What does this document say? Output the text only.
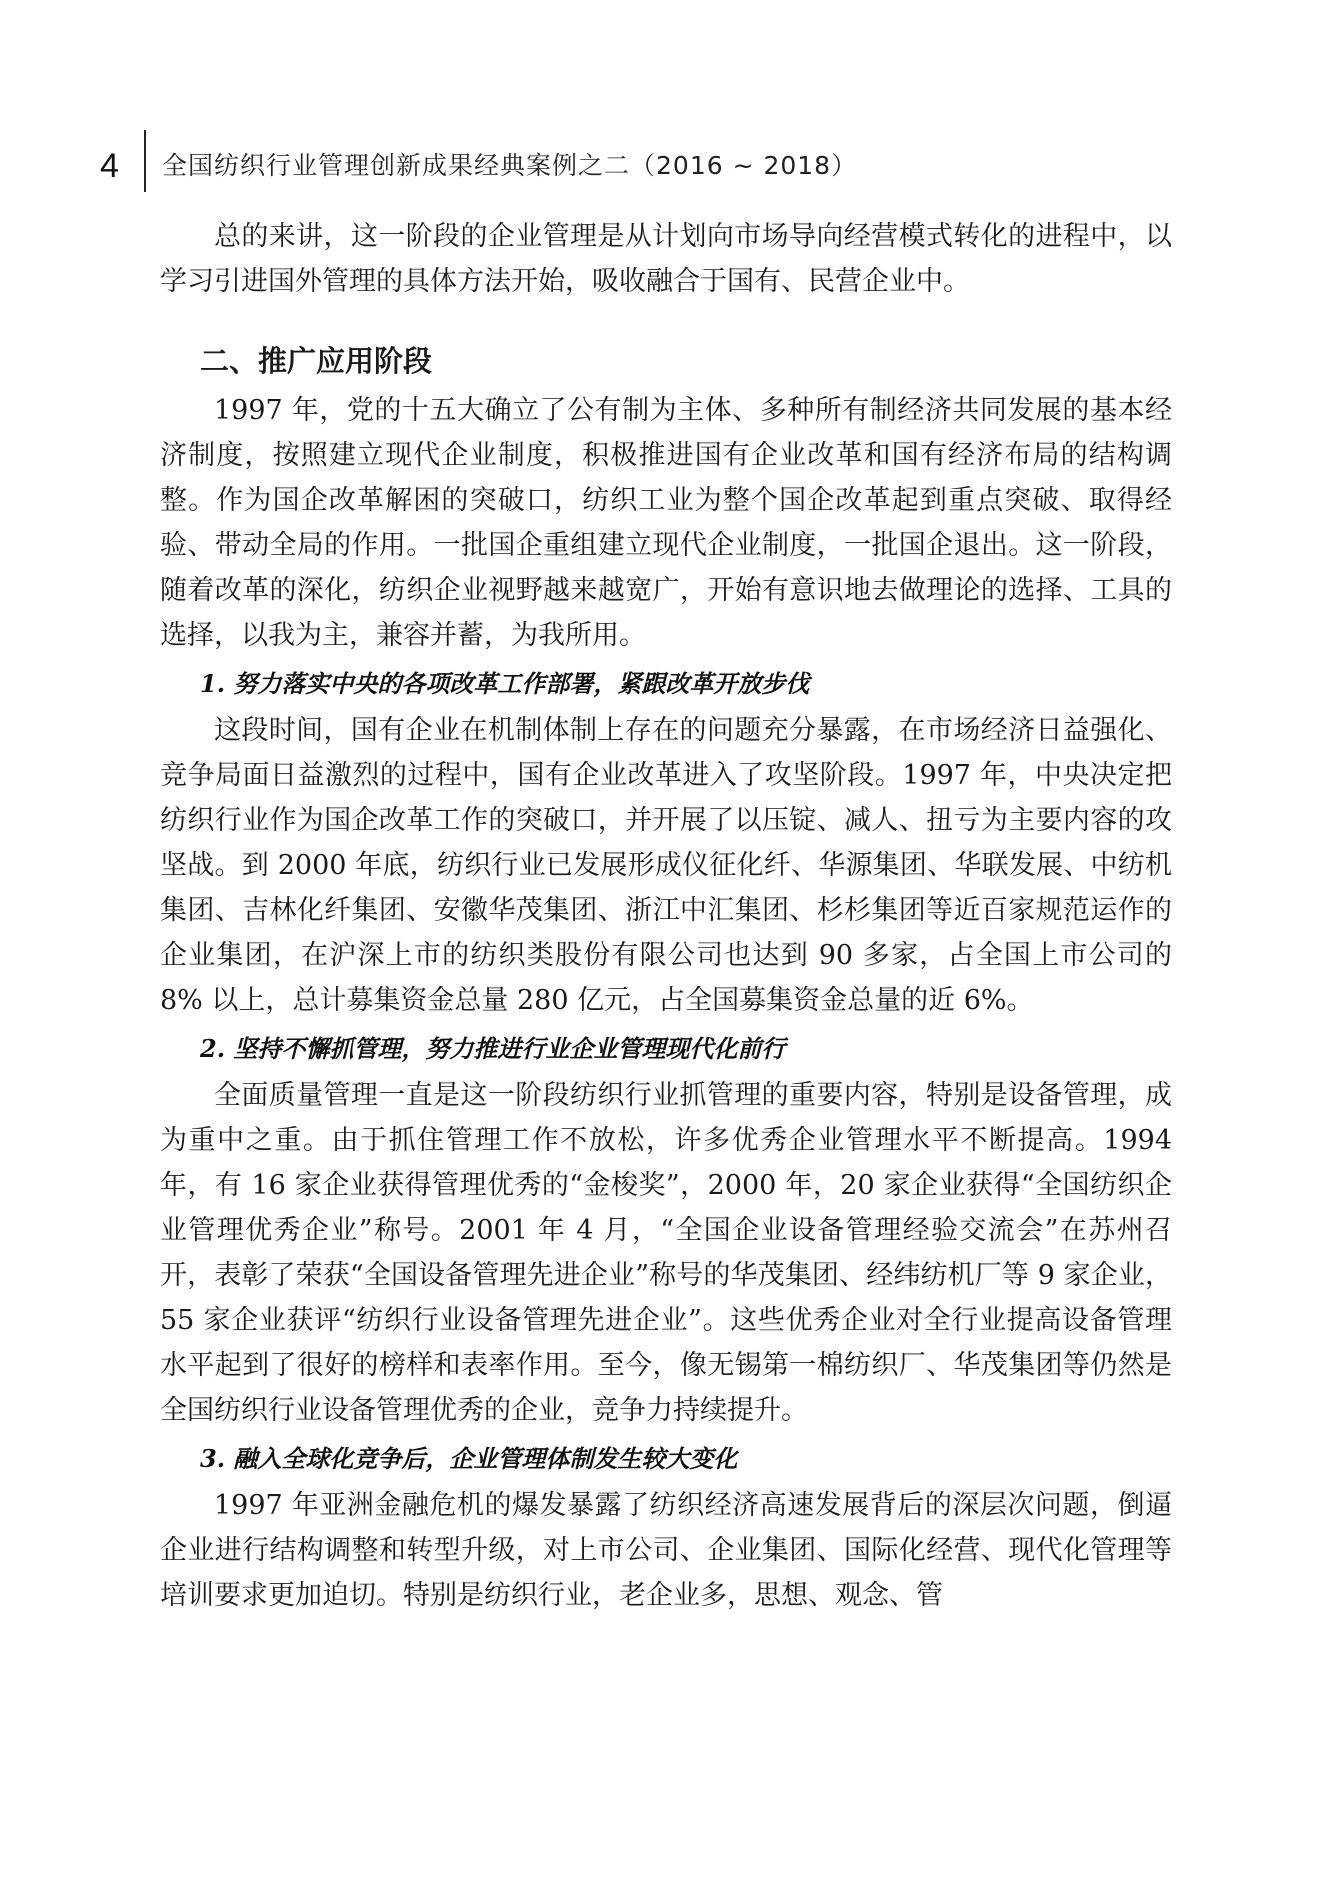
4 全国纺织行业管理创新成果经典案例之二（2016 ~ 2018）

总的来讲，这一阶段的企业管理是从计划向市场导向经营模式转化的进程中，以学习引进国外管理的具体方法开始，吸收融合于国有、民营企业中。

二、推广应用阶段

1997 年，党的十五大确立了公有制为主体、多种所有制经济共同发展的基本经济制度，按照建立现代企业制度，积极推进国有企业改革和国有经济布局的结构调整。作为国企改革解困的突破口，纺织工业为整个国企改革起到重点突破、取得经验、带动全局的作用。一批国企重组建立现代企业制度，一批国企退出。这一阶段，随着改革的深化，纺织企业视野越来越宽广，开始有意识地去做理论的选择、工具的选择，以我为主，兼容并蓄，为我所用。

1. 努力落实中央的各项改革工作部署，紧跟改革开放步伐

这段时间，国有企业在机制体制上存在的问题充分暴露，在市场经济日益强化、竞争局面日益激烈的过程中，国有企业改革进入了攻坚阶段。1997 年，中央决定把纺织行业作为国企改革工作的突破口，并开展了以压锭、减人、扭亏为主要内容的攻坚战。到 2000 年底，纺织行业已发展形成仪征化纤、华源集团、华联发展、中纺机集团、吉林化纤集团、安徽华茂集团、浙江中汇集团、杉杉集团等近百家规范运作的企业集团，在沪深上市的纺织类股份有限公司也达到 90 多家，占全国上市公司的 8% 以上，总计募集资金总量 280 亿元，占全国募集资金总量的近 6%。

2. 坚持不懈抓管理，努力推进行业企业管理现代化前行

全面质量管理一直是这一阶段纺织行业抓管理的重要内容，特别是设备管理，成为重中之重。由于抓住管理工作不放松，许多优秀企业管理水平不断提高。1994 年，有 16 家企业获得管理优秀的“金梭奖”，2000 年，20 家企业获得“全国纺织企业管理优秀企业”称号。2001 年 4 月，“全国企业设备管理经验交流会”在苏州召开，表彰了荣获“全国设备管理先进企业”称号的华茂集团、经纬纺机厂等 9 家企业，55 家企业获评“纺织行业设备管理先进企业”。这些优秀企业对全行业提高设备管理水平起到了很好的榜样和表率作用。至今，像无锡第一棉纺织厂、华茂集团等仍然是全国纺织行业设备管理优秀的企业，竞争力持续提升。

3. 融入全球化竞争后，企业管理体制发生较大变化

1997 年亚洲金融危机的爆发暴露了纺织经济高速发展背后的深层次问题，倒逼企业进行结构调整和转型升级，对上市公司、企业集团、国际化经营、现代化管理等培训要求更加迫切。特别是纺织行业，老企业多，思想、观念、管
